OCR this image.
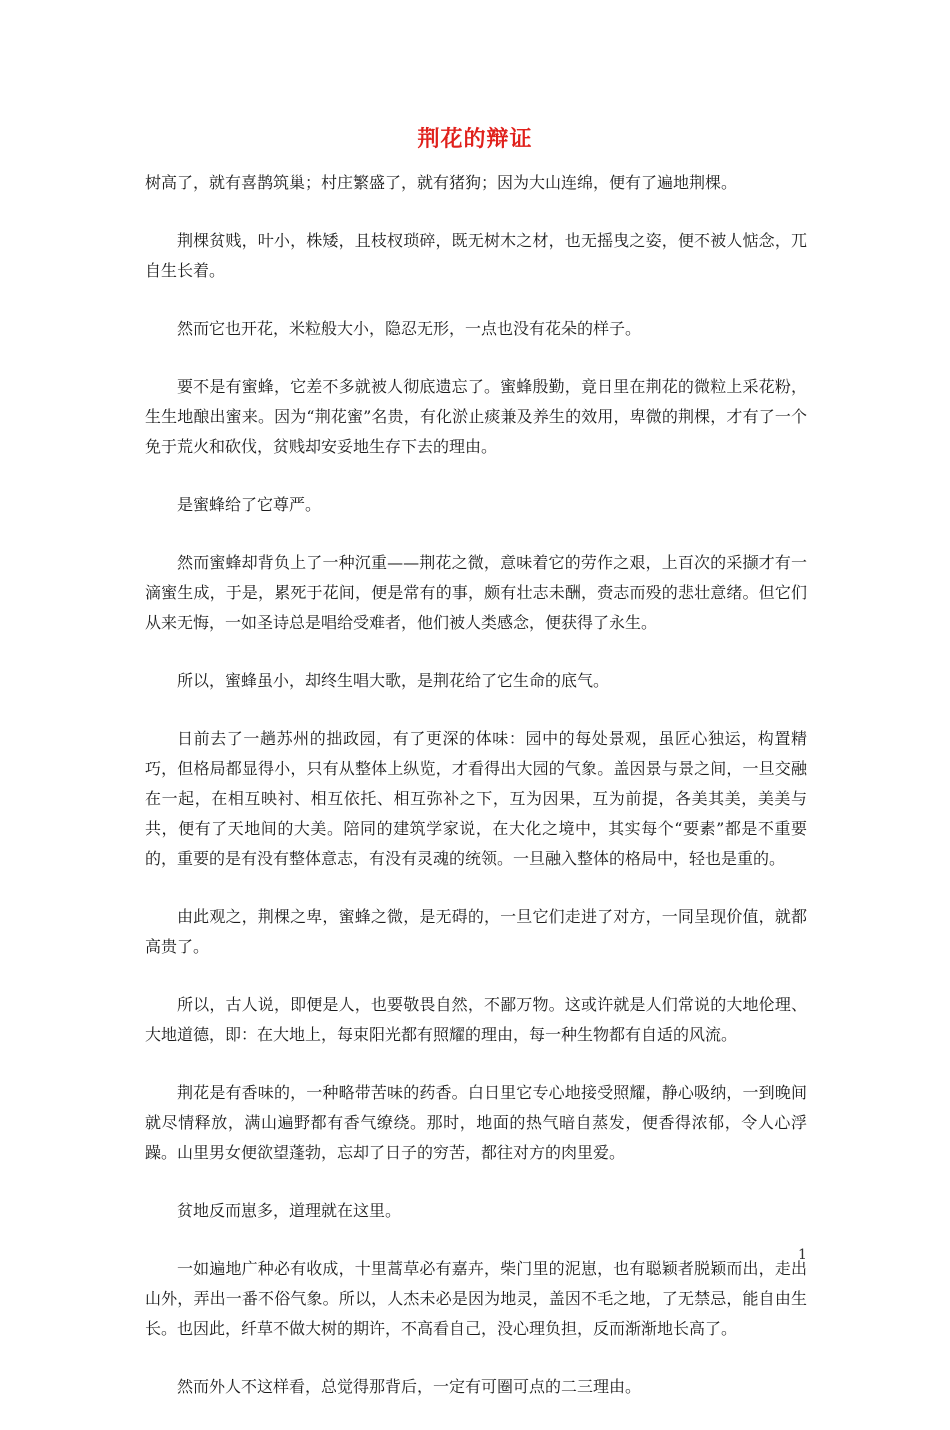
荆花的辩证

树高了，就有喜鹊筑巢；村庄繁盛了，就有猪狗；因为大山连绵，便有了遍地荆棵。

荆棵贫贱，叶小，株矮，且枝杈琐碎，既无树木之材，也无摇曳之姿，便不被人惦念，兀自生长着。

然而它也开花，米粒般大小，隐忍无形，一点也没有花朵的样子。

要不是有蜜蜂，它差不多就被人彻底遗忘了。蜜蜂殷勤，竟日里在荆花的微粒上采花粉，生生地酿出蜜来。因为“荆花蜜”名贵，有化淤止痰兼及养生的效用，卑微的荆棵，才有了一个免于荒火和砍伐，贫贱却安妥地生存下去的理由。

是蜜蜂给了它尊严。

然而蜜蜂却背负上了一种沉重——荆花之微，意味着它的劳作之艰，上百次的采撷才有一滴蜜生成，于是，累死于花间，便是常有的事，颇有壮志未酬，赍志而殁的悲壮意绪。但它们从来无悔，一如圣诗总是唱给受难者，他们被人类感念，便获得了永生。

所以，蜜蜂虽小，却终生唱大歌，是荆花给了它生命的底气。

日前去了一趟苏州的拙政园，有了更深的体味：园中的每处景观，虽匠心独运，构置精巧，但格局都显得小，只有从整体上纵览，才看得出大园的气象。盖因景与景之间，一旦交融在一起，在相互映衬、相互依托、相互弥补之下，互为因果，互为前提，各美其美，美美与共，便有了天地间的大美。陪同的建筑学家说，在大化之境中，其实每个“要素”都是不重要的，重要的是有没有整体意志，有没有灵魂的统领。一旦融入整体的格局中，轻也是重的。

由此观之，荆棵之卑，蜜蜂之微，是无碍的，一旦它们走进了对方，一同呈现价值，就都高贵了。

所以，古人说，即便是人，也要敬畏自然，不鄙万物。这或许就是人们常说的大地伦理、大地道德，即：在大地上，每束阳光都有照耀的理由，每一种生物都有自适的风流。

荆花是有香味的，一种略带苦味的药香。白日里它专心地接受照耀，静心吸纳，一到晚间就尽情释放，满山遍野都有香气缭绕。那时，地面的热气暗自蒸发，便香得浓郁，令人心浮躁。山里男女便欲望蓬勃，忘却了日子的穷苦，都往对方的肉里爱。

贫地反而崽多，道理就在这里。

一如遍地广种必有收成，十里蒿草必有嘉卉，柴门里的泥崽，也有聪颖者脱颖而出，走出山外，弄出一番不俗气象。所以，人杰未必是因为地灵，盖因不毛之地，了无禁忌，能自由生长。也因此，纤草不做大树的期许，不高看自己，没心理负担，反而渐渐地长高了。

然而外人不这样看，总觉得那背后，一定有可圈可点的二三理由。

1
